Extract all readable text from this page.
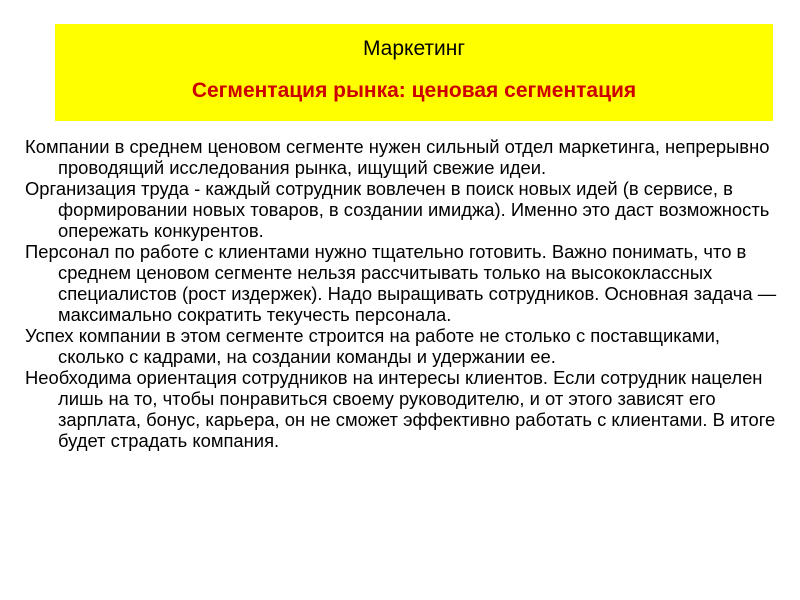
Маркетинг
Сегментация рынка: ценовая сегментация

Компании в среднем ценовом сегменте нужен сильный отдел маркетинга, непрерывно проводящий исследования рынка, ищущий свежие идеи.

Организация труда - каждый сотрудник вовлечен в поиск новых идей (в сервисе, в формировании новых товаров, в создании имиджа). Именно это даст возможность опережать конкурентов.

Персонал по работе с клиентами нужно тщательно готовить. Важно понимать, что в среднем ценовом сегменте нельзя рассчитывать только на высококлассных специалистов (рост издержек). Надо выращивать сотрудников. Основная задача — максимально сократить текучесть персонала.

Успех компании в этом сегменте строится на работе не столько с поставщиками, сколько с кадрами, на создании команды и удержании ее.

Необходима ориентация сотрудников на интересы клиентов. Если сотрудник нацелен лишь на то, чтобы понравиться своему руководителю, и от этого зависят его зарплата, бонус, карьера, он не сможет эффективно работать с клиентами. В итоге будет страдать компания.
